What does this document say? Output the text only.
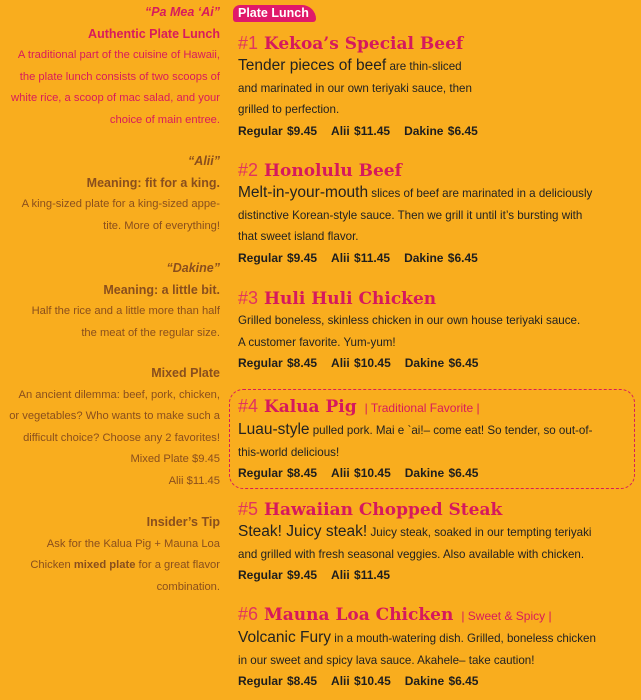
“Pa Mea ‘Ai”
Authentic Plate Lunch
A traditional part of the cuisine of Hawaii,
the plate lunch consists of two scoops of
white rice, a scoop of mac salad, and your
choice of main entree.
“Alii”
Meaning: fit for a king.
A king-sized plate for a king-sized appe-
tite. More of everything!
“Dakine”
Meaning: a little bit.
Half the rice and a little more than half
the meat of the regular size.
Mixed Plate
An ancient dilemma: beef, pork, chicken,
or vegetables? Who wants to make such a
difficult choice? Choose any 2 favorites!
Mixed Plate $9.45
Alii $11.45
Insider’s Tip
Ask for the Kalua Pig + Mauna Loa
Chicken mixed plate for a great flavor
combination.
Plate Lunch
#1 Kekoa’s Special Beef
Tender pieces of beef are thin-sliced
and marinated in our own teriyaki sauce, then
grilled to perfection.
Regular $9.45 Alii $11.45 Dakine $6.45
#2 Honolulu Beef
Melt-in-your-mouth slices of beef are marinated in a deliciously
distinctive Korean-style sauce. Then we grill it until it’s bursting with
that sweet island flavor.
Regular $9.45 Alii $11.45 Dakine $6.45
#3 Huli Huli Chicken
Grilled boneless, skinless chicken in our own house teriyaki sauce.
A customer favorite. Yum-yum!
Regular $8.45 Alii $10.45 Dakine $6.45
#4 Kalua Pig | Traditional Favorite |
Luau-style pulled pork. Mai e `ai!– come eat! So tender, so out-of-
this-world delicious!
Regular $8.45 Alii $10.45 Dakine $6.45
#5 Hawaiian Chopped Steak
Steak! Juicy steak! Juicy steak, soaked in our tempting teriyaki
and grilled with fresh seasonal veggies. Also available with chicken.
Regular $9.45 Alii $11.45
#6 Mauna Loa Chicken | Sweet & Spicy |
Volcanic Fury in a mouth-watering dish. Grilled, boneless chicken
in our sweet and spicy lava sauce. Akahele– take caution!
Regular $8.45 Alii $10.45 Dakine $6.45
